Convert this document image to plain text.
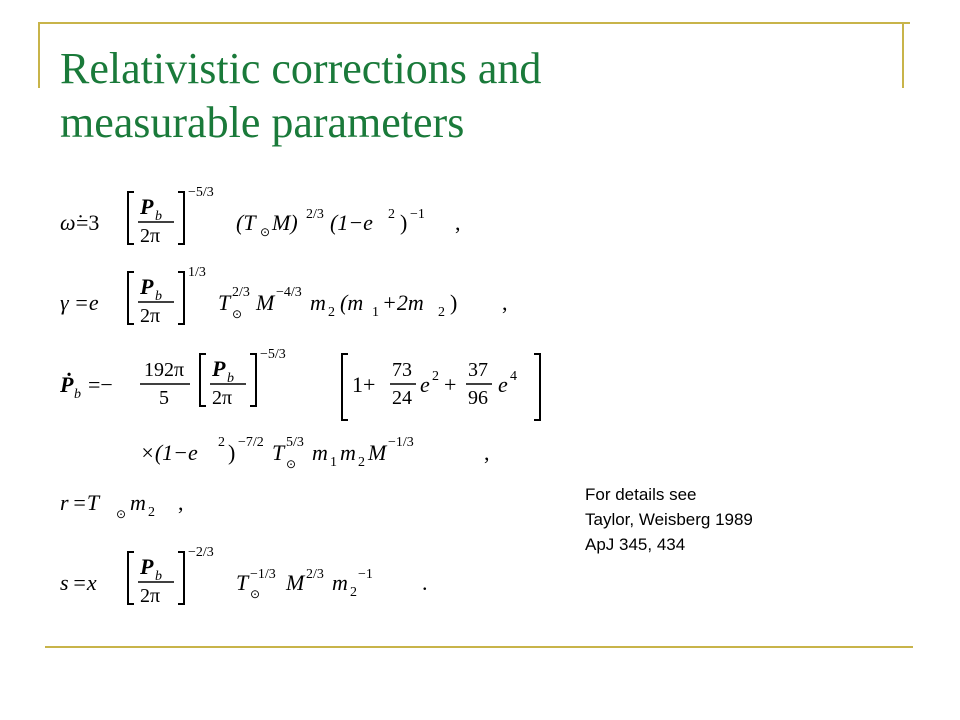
Relativistic corrections and
measurable parameters
ω̇ =3
P b
2π
−5/3
(T ⊙ M) 2/3 (1−e 2 ) −1 ,
γ =e
P b
2π
1/3
T 2/3
⊙ M −4/3 m 2 (m 1 +2m 2 ) ,
Ṗ b =−
192π
5
P b
2π
−5/3
1+
73
24
e 2 +
37
96
e 4
×(1−e 2 ) −7/2 T 5/3
⊙ m 1 m 2 M −1/3	,
r =T ⊙ m 2 ,
s =x
P b
2π
−2/3
T −1/3
⊙ M 2/3 m 2
−1 .
For details see
Taylor, Weisberg 1989
ApJ 345, 434
